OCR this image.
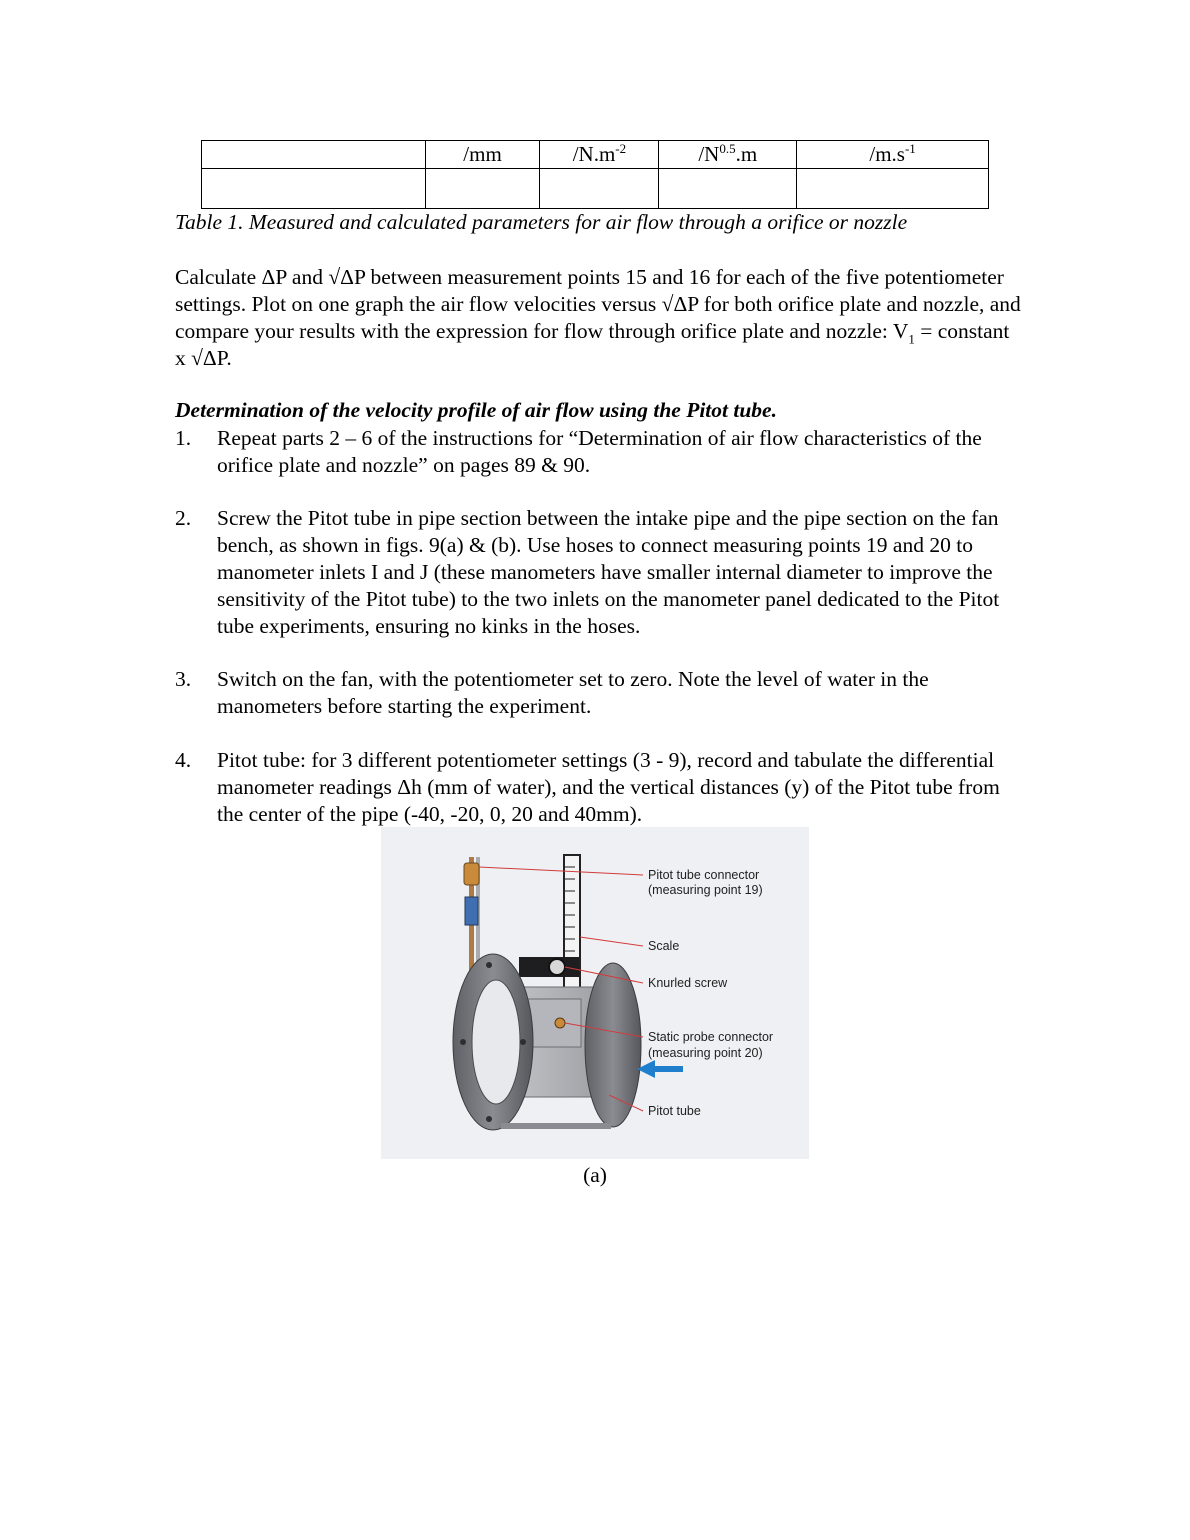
	/mm	$/N.m^{-2}$	$/N^{0.5}.m$	$/m.s^{-1}$

Table 1. Measured and calculated parameters for air flow through a orifice or nozzle

Calculate ΔP and √ΔP between measurement points 15 and 16 for each of the five potentiometer settings. Plot on one graph the air flow velocities versus √ΔP for both orifice plate and nozzle, and compare your results with the expression for flow through orifice plate and nozzle: $V_1$ = constant x √ΔP.

Determination of the velocity profile of air flow using the Pitot tube.
1.	Repeat parts 2 – 6 of the instructions for “Determination of air flow characteristics of the orifice plate and nozzle” on pages 89 & 90.
2.	Screw the Pitot tube in pipe section between the intake pipe and the pipe section on the fan bench, as shown in figs. 9(a) & (b). Use hoses to connect measuring points 19 and 20 to manometer inlets I and J (these manometers have smaller internal diameter to improve the sensitivity of the Pitot tube) to the two inlets on the manometer panel dedicated to the Pitot tube experiments, ensuring no kinks in the hoses.
3.	Switch on the fan, with the potentiometer set to zero. Note the level of water in the manometers before starting the experiment.
4.	Pitot tube: for 3 different potentiometer settings (3 - 9), record and tabulate the differential manometer readings Δh (mm of water), and the vertical distances (y) of the Pitot tube from the center of the pipe (-40, -20, 0, 20 and 40mm).
Pitot tube connector
(measuring point 19)
Scale
Knurled screw
Static probe connector
(measuring point 20)
Pitot tube
(a)
